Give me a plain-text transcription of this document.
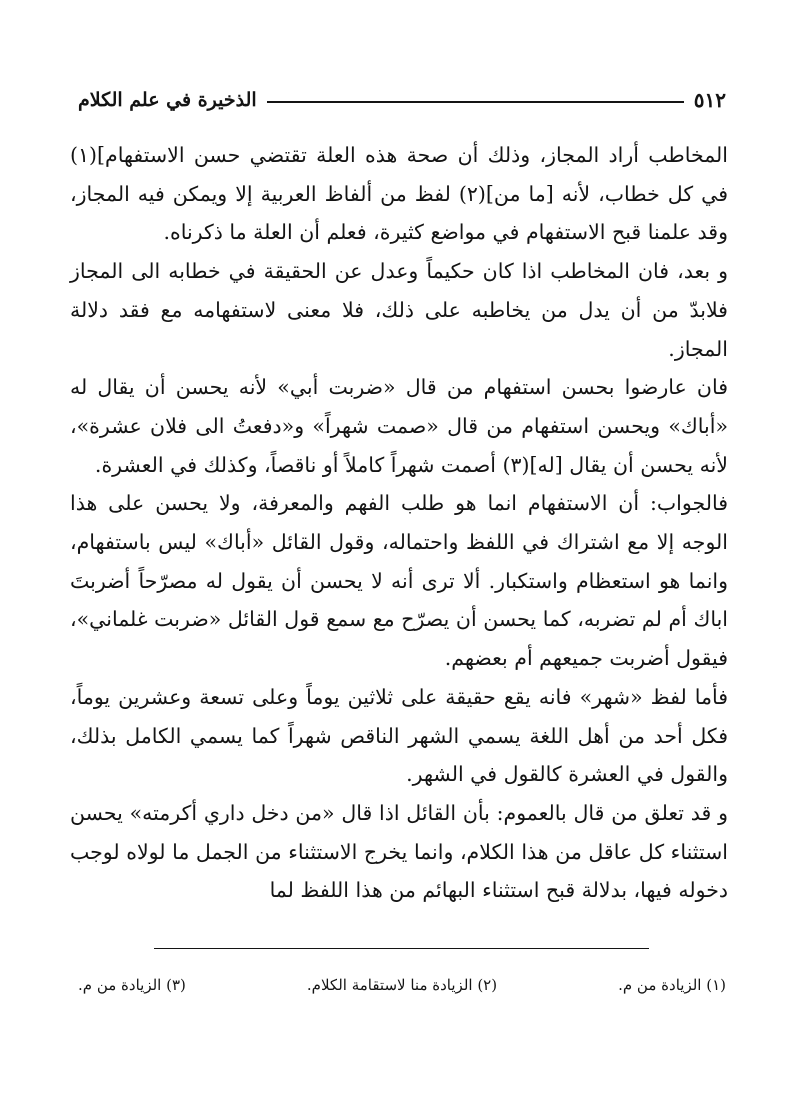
٥١٢
الذخيرة في علم الكلام

المخاطب أراد المجاز، وذلك أن صحة هذه العلة تقتضي حسن الاستفهام](١) في كل خطاب، لأنه [ما من](٢) لفظ من ألفاظ العربية إلا ويمكن فيه المجاز، وقد علمنا قبح الاستفهام في مواضع كثيرة، فعلم أن العلة ما ذكرناه.

و بعد، فان المخاطب اذا كان حكيماً وعدل عن الحقيقة في خطابه الى المجاز فلابدّ من أن يدل من يخاطبه على ذلك، فلا معنى لاستفهامه مع فقد دلالة المجاز.

فان عارضوا بحسن استفهام من قال «ضربت أبي» لأنه يحسن أن يقال له «أباك» ويحسن استفهام من قال «صمت شهراً» و«دفعتُ الى فلان عشرة»، لأنه يحسن أن يقال [له](٣) أصمت شهراً كاملاً أو ناقصاً، وكذلك في العشرة.

فالجواب: أن الاستفهام انما هو طلب الفهم والمعرفة، ولا يحسن على هذا الوجه إلا مع اشتراك في اللفظ واحتماله، وقول القائل «أباك» ليس باستفهام، وانما هو استعظام واستكبار. ألا ترى أنه لا يحسن أن يقول له مصرّحاً أضربتَ اباك أم لم تضربه، كما يحسن أن يصرّح مع سمع قول القائل «ضربت غلماني»، فيقول أضربت جميعهم أم بعضهم.

فأما لفظ «شهر» فانه يقع حقيقة على ثلاثين يوماً وعلى تسعة وعشرين يوماً، فكل أحد من أهل اللغة يسمي الشهر الناقص شهراً كما يسمي الكامل بذلك، والقول في العشرة كالقول في الشهر.

و قد تعلق من قال بالعموم: بأن القائل اذا قال «من دخل داري أكرمته» يحسن استثناء كل عاقل من هذا الكلام، وانما يخرج الاستثناء من الجمل ما لولاه لوجب دخوله فيها، بدلالة قبح استثناء البهائم من هذا اللفظ لما

(١) الزيادة من م.
(٢) الزيادة منا لاستقامة الكلام.
(٣) الزيادة من م.
